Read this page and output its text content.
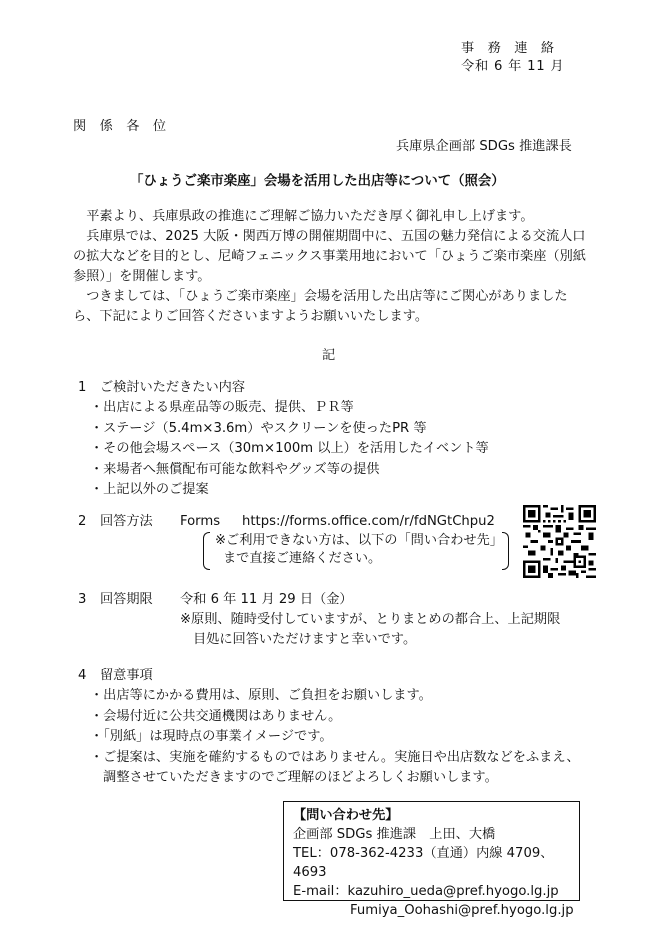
事 務 連 絡
令和 6 年 11 月
関 係 各 位
兵庫県企画部 SDGs 推進課長
「ひょうご楽市楽座」会場を活用した出店等について（照会）

平素より、兵庫県政の推進にご理解ご協力いただき厚く御礼申し上げます。

兵庫県では、2025 大阪・関西万博の開催期間中に、五国の魅力発信による交流人口の拡大などを目的とし、尼崎フェニックス事業用地において「ひょうご楽市楽座（別紙参照）」を開催します。

つきましては、「ひょうご楽市楽座」会場を活用した出店等にご関心がありましたら、下記によりご回答くださいますようお願いいたします。

記
1 ご検討いただきたい内容
・出店による県産品等の販売、提供、ＰＲ等
・ステージ（5.4m×3.6m）やスクリーンを使ったPR 等
・その他会場スペース（30m×100m 以上）を活用したイベント等
・来場者へ無償配布可能な飲料やグッズ等の提供
・上記以外のご提案
2 回答方法 Forms https://forms.office.com/r/fdNGtChpu2
※ご利用できない方は、以下の「問い合わせ先」
まで直接ご連絡ください。
3 回答期限 令和 6 年 11 月 29 日（金）
※原則、随時受付していますが、とりまとめの都合上、上記期限
目処に回答いただけますと幸いです。
4 留意事項
・出店等にかかる費用は、原則、ご負担をお願いします。
・会場付近に公共交通機関はありません。
・「別紙」は現時点の事業イメージです。
・ご提案は、実施を確約するものではありません。実施日や出店数などをふまえ、
　調整させていただきますのでご理解のほどよろしくお願いします。
【問い合わせ先】
企画部 SDGs 推進課　上田、大橋
TEL：078-362-4233（直通）内線 4709、4693
E-mail：kazuhiro_ueda@pref.hyogo.lg.jp
Fumiya_Oohashi@pref.hyogo.lg.jp
